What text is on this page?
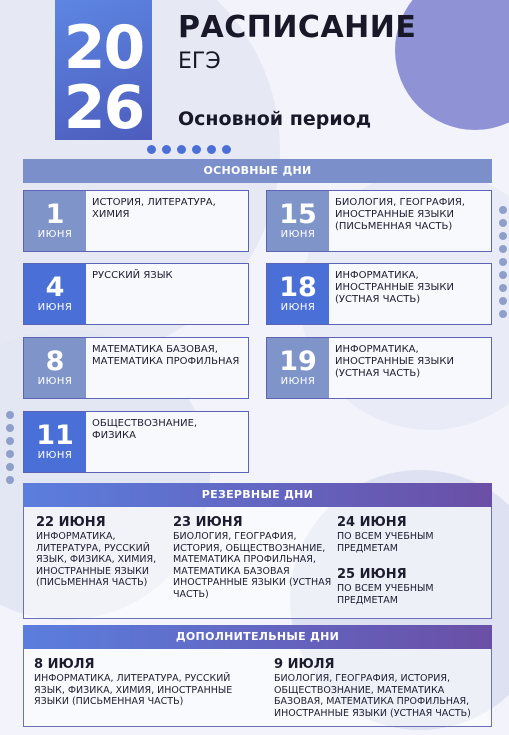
20
26
РАСПИСАНИЕ
ЕГЭ
Основной период
ОСНОВНЫЕ ДНИ
1
ИЮНЯ
ИСТОРИЯ, ЛИТЕРАТУРА, ХИМИЯ	15
ИЮНЯ
БИОЛОГИЯ, ГЕОГРАФИЯ, ИНОСТРАННЫЕ ЯЗЫКИ (ПИСЬМЕННАЯ ЧАСТЬ)
4
ИЮНЯ
РУССКИЙ ЯЗЫК	18
ИЮНЯ
ИНФОРМАТИКА, ИНОСТРАННЫЕ ЯЗЫКИ (УСТНАЯ ЧАСТЬ)
8
ИЮНЯ
МАТЕМАТИКА БАЗОВАЯ, МАТЕМАТИКА ПРОФИЛЬНАЯ	19
ИЮНЯ
ИНФОРМАТИКА, ИНОСТРАННЫЕ ЯЗЫКИ (УСТНАЯ ЧАСТЬ)
11
ИЮНЯ
ОБЩЕСТВОЗНАНИЕ, ФИЗИКА
РЕЗЕРВНЫЕ ДНИ
22 ИЮНЯ
ИНФОРМАТИКА, ЛИТЕРАТУРА, РУССКИЙ ЯЗЫК, ФИЗИКА, ХИМИЯ, ИНОСТРАННЫЕ ЯЗЫКИ (ПИСЬМЕННАЯ ЧАСТЬ)
23 ИЮНЯ
БИОЛОГИЯ, ГЕОГРАФИЯ, ИСТОРИЯ, ОБЩЕСТВОЗНАНИЕ, МАТЕМАТИКА ПРОФИЛЬНАЯ, МАТЕМАТИКА БАЗОВАЯ ИНОСТРАННЫЕ ЯЗЫКИ (УСТНАЯ ЧАСТЬ)
24 ИЮНЯ
ПО ВСЕМ УЧЕБНЫМ ПРЕДМЕТАМ
25 ИЮНЯ
ПО ВСЕМ УЧЕБНЫМ ПРЕДМЕТАМ
ДОПОЛНИТЕЛЬНЫЕ ДНИ
8 ИЮЛЯ
ИНФОРМАТИКА, ЛИТЕРАТУРА, РУССКИЙ ЯЗЫК, ФИЗИКА, ХИМИЯ, ИНОСТРАННЫЕ ЯЗЫКИ (ПИСЬМЕННАЯ ЧАСТЬ)
9 ИЮЛЯ
БИОЛОГИЯ, ГЕОГРАФИЯ, ИСТОРИЯ, ОБЩЕСТВОЗНАНИЕ, МАТЕМАТИКА БАЗОВАЯ, МАТЕМАТИКА ПРОФИЛЬНАЯ, ИНОСТРАННЫЕ ЯЗЫКИ (УСТНАЯ ЧАСТЬ)
